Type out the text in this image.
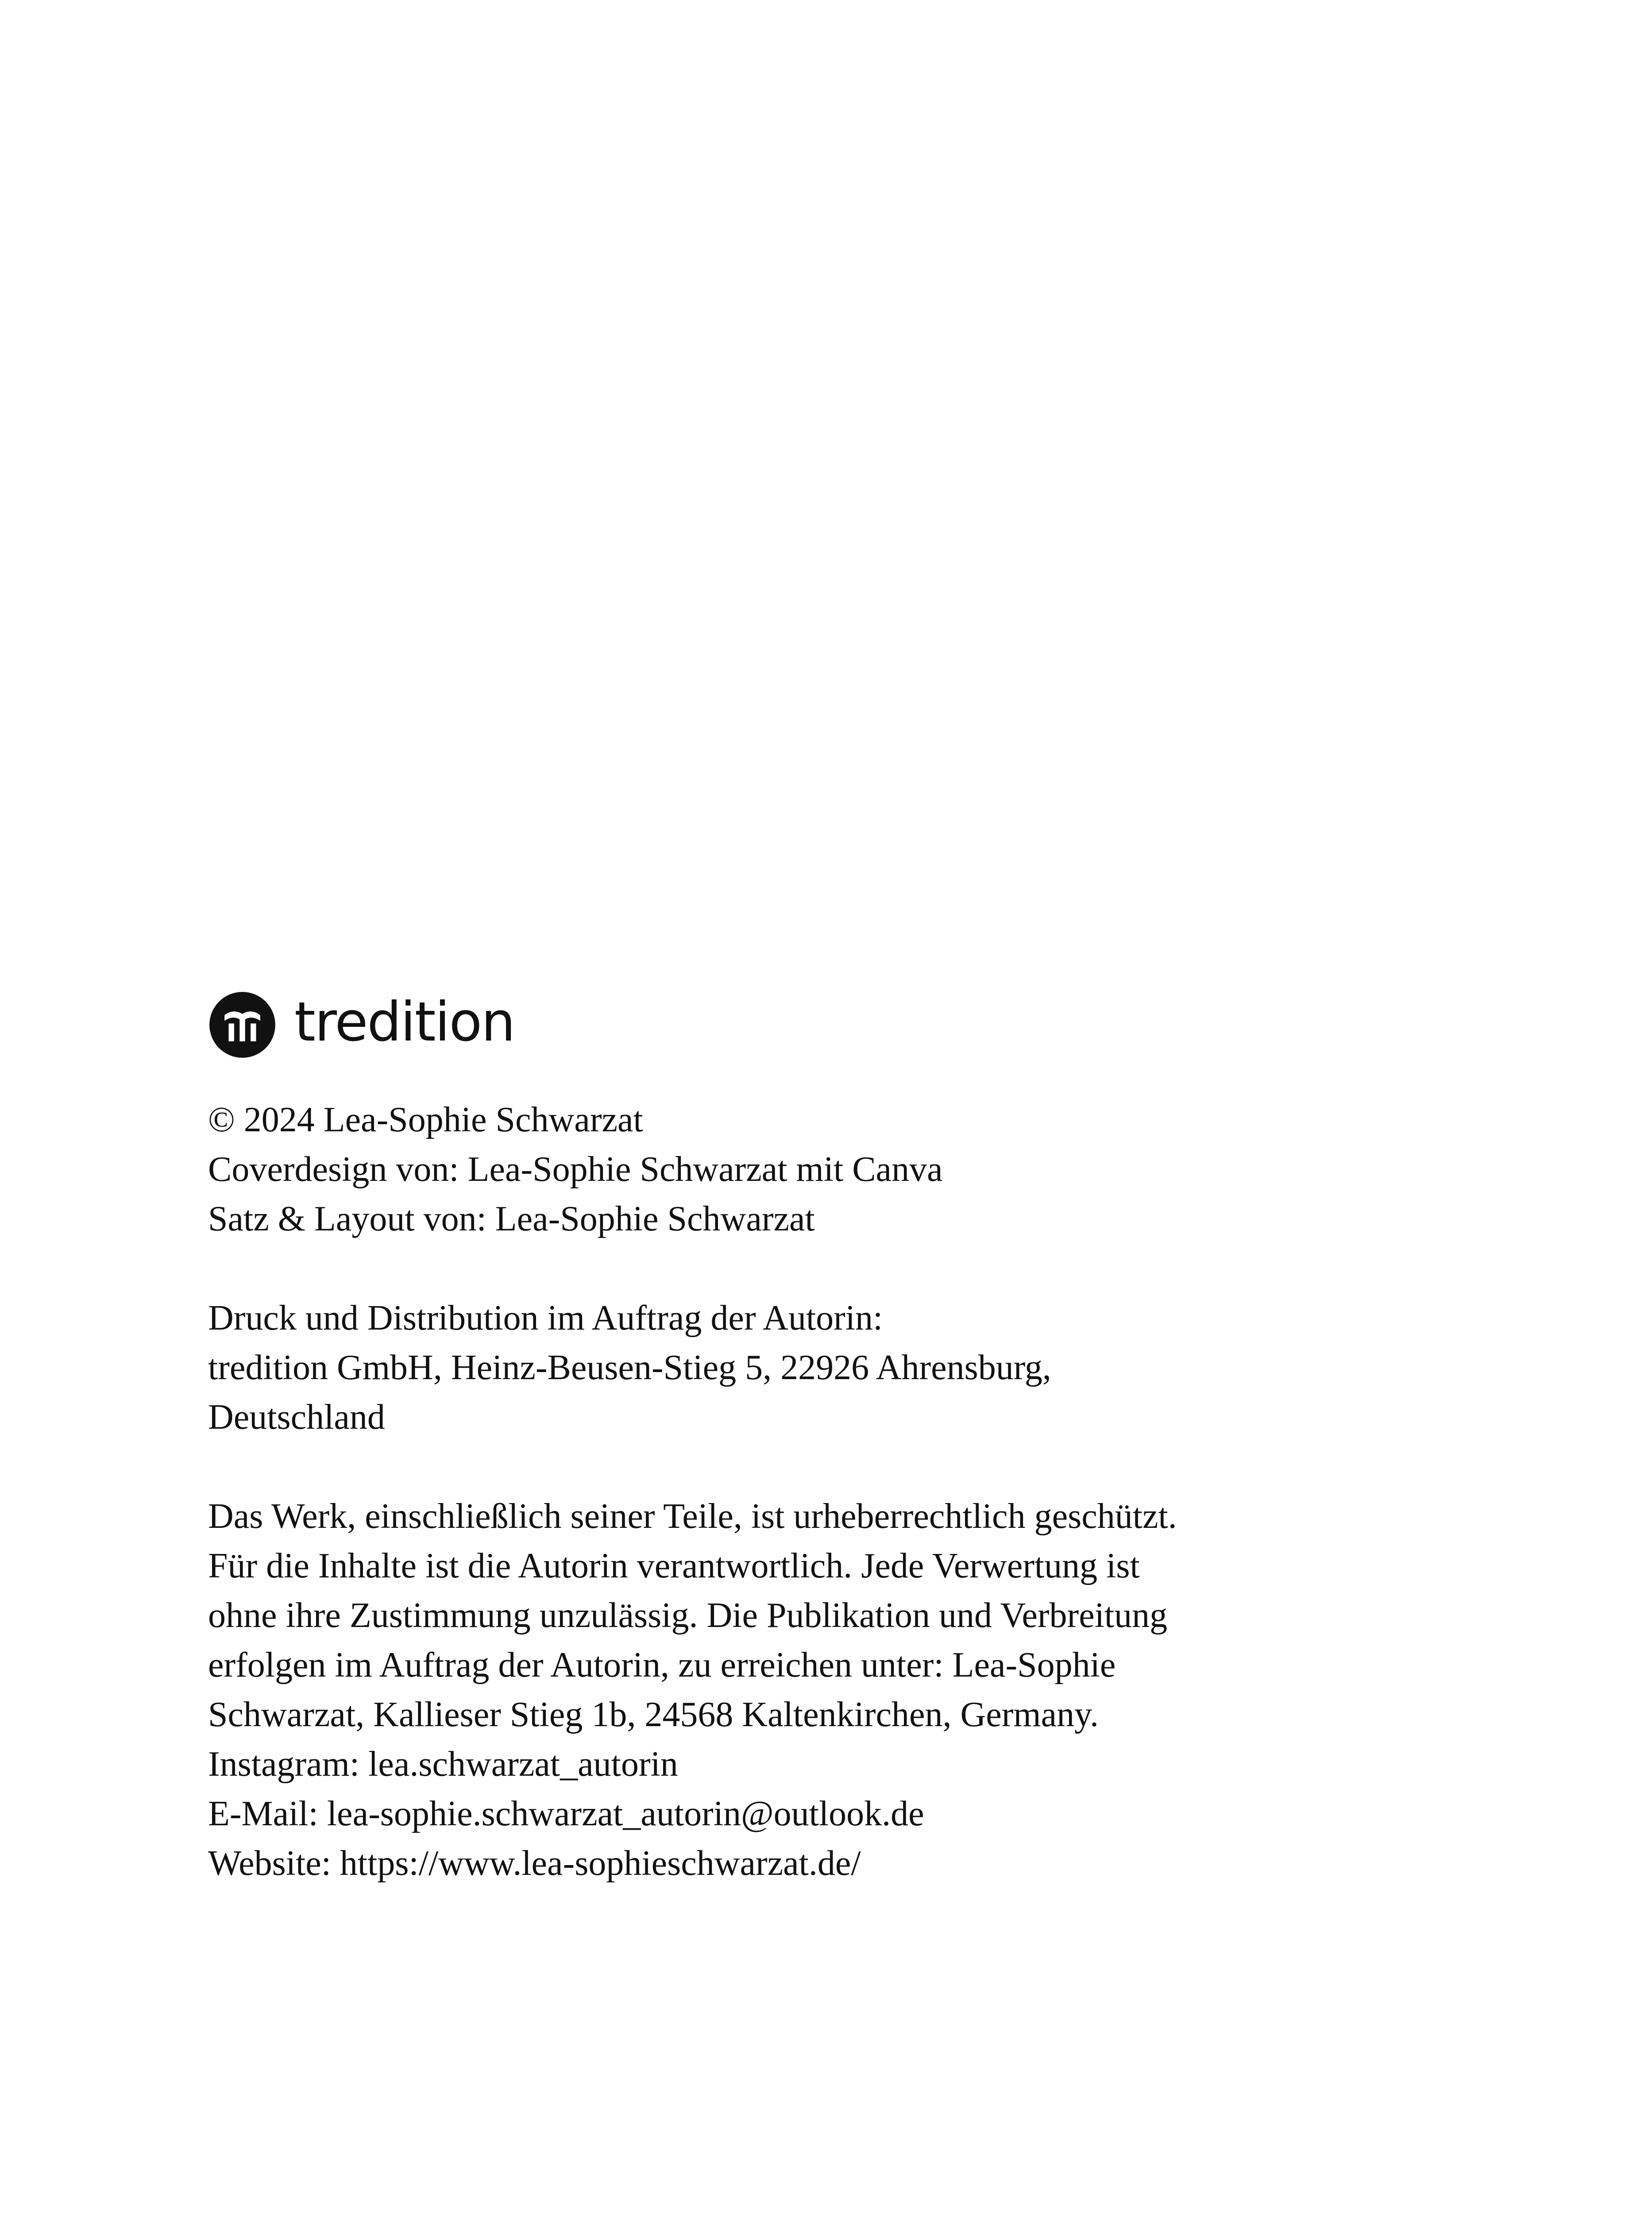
tredition
© 2024 Lea-Sophie Schwarzat
Coverdesign von: Lea-Sophie Schwarzat mit Canva
Satz & Layout von: Lea-Sophie Schwarzat
Druck und Distribution im Auftrag der Autorin:
tredition GmbH, Heinz-Beusen-Stieg 5, 22926 Ahrensburg,
Deutschland
Das Werk, einschließlich seiner Teile, ist urheberrechtlich geschützt.
Für die Inhalte ist die Autorin verantwortlich. Jede Verwertung ist
ohne ihre Zustimmung unzulässig. Die Publikation und Verbreitung
erfolgen im Auftrag der Autorin, zu erreichen unter: Lea-Sophie
Schwarzat, Kallieser Stieg 1b, 24568 Kaltenkirchen, Germany.
Instagram: lea.schwarzat_autorin
E-Mail: lea-sophie.schwarzat_autorin@outlook.de
Website: https://www.lea-sophieschwarzat.de/
